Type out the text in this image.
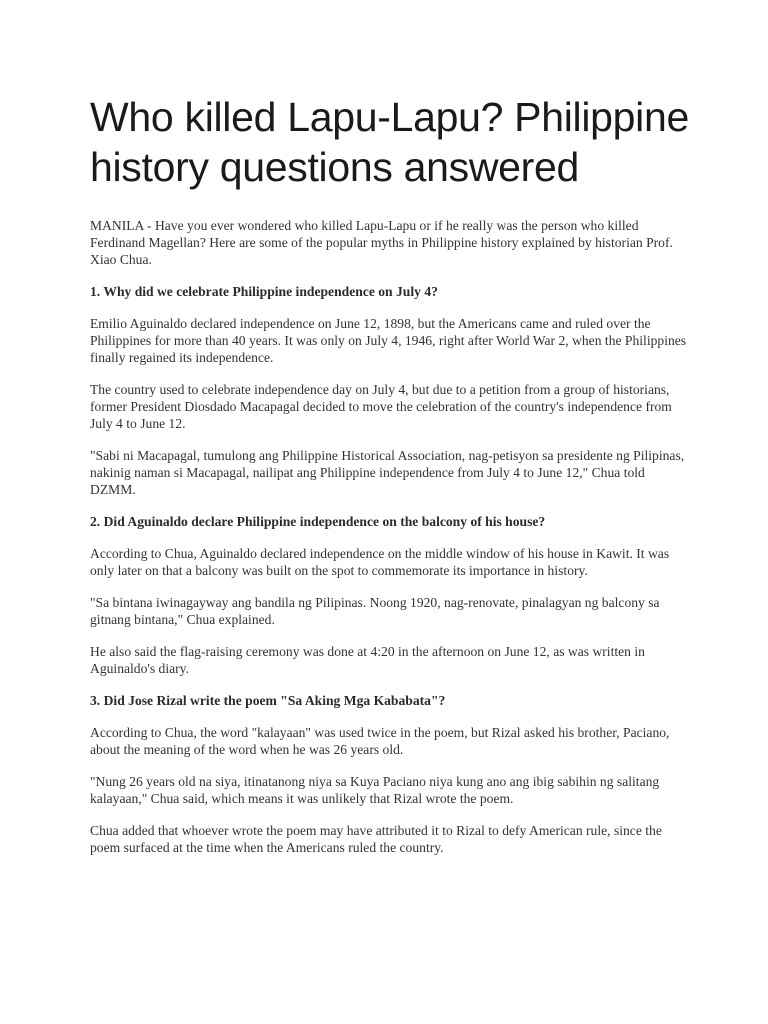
Who killed Lapu-Lapu? Philippine history questions answered

MANILA - Have you ever wondered who killed Lapu-Lapu or if he really was the person who killed Ferdinand Magellan? Here are some of the popular myths in Philippine history explained by historian Prof. Xiao Chua.

1. Why did we celebrate Philippine independence on July 4?

Emilio Aguinaldo declared independence on June 12, 1898, but the Americans came and ruled over the Philippines for more than 40 years. It was only on July 4, 1946, right after World War 2, when the Philippines finally regained its independence.

The country used to celebrate independence day on July 4, but due to a petition from a group of historians, former President Diosdado Macapagal decided to move the celebration of the country's independence from July 4 to June 12.

"Sabi ni Macapagal, tumulong ang Philippine Historical Association, nag-petisyon sa presidente ng Pilipinas, nakinig naman si Macapagal, nailipat ang Philippine independence from July 4 to June 12," Chua told DZMM.

2. Did Aguinaldo declare Philippine independence on the balcony of his house?

According to Chua, Aguinaldo declared independence on the middle window of his house in Kawit. It was only later on that a balcony was built on the spot to commemorate its importance in history.

"Sa bintana iwinagayway ang bandila ng Pilipinas. Noong 1920, nag-renovate, pinalagyan ng balcony sa gitnang bintana," Chua explained.

He also said the flag-raising ceremony was done at 4:20 in the afternoon on June 12, as was written in Aguinaldo's diary.

3. Did Jose Rizal write the poem "Sa Aking Mga Kababata"?

According to Chua, the word "kalayaan" was used twice in the poem, but Rizal asked his brother, Paciano, about the meaning of the word when he was 26 years old.

"Nung 26 years old na siya, itinatanong niya sa Kuya Paciano niya kung ano ang ibig sabihin ng salitang kalayaan," Chua said, which means it was unlikely that Rizal wrote the poem.

Chua added that whoever wrote the poem may have attributed it to Rizal to defy American rule, since the poem surfaced at the time when the Americans ruled the country.
